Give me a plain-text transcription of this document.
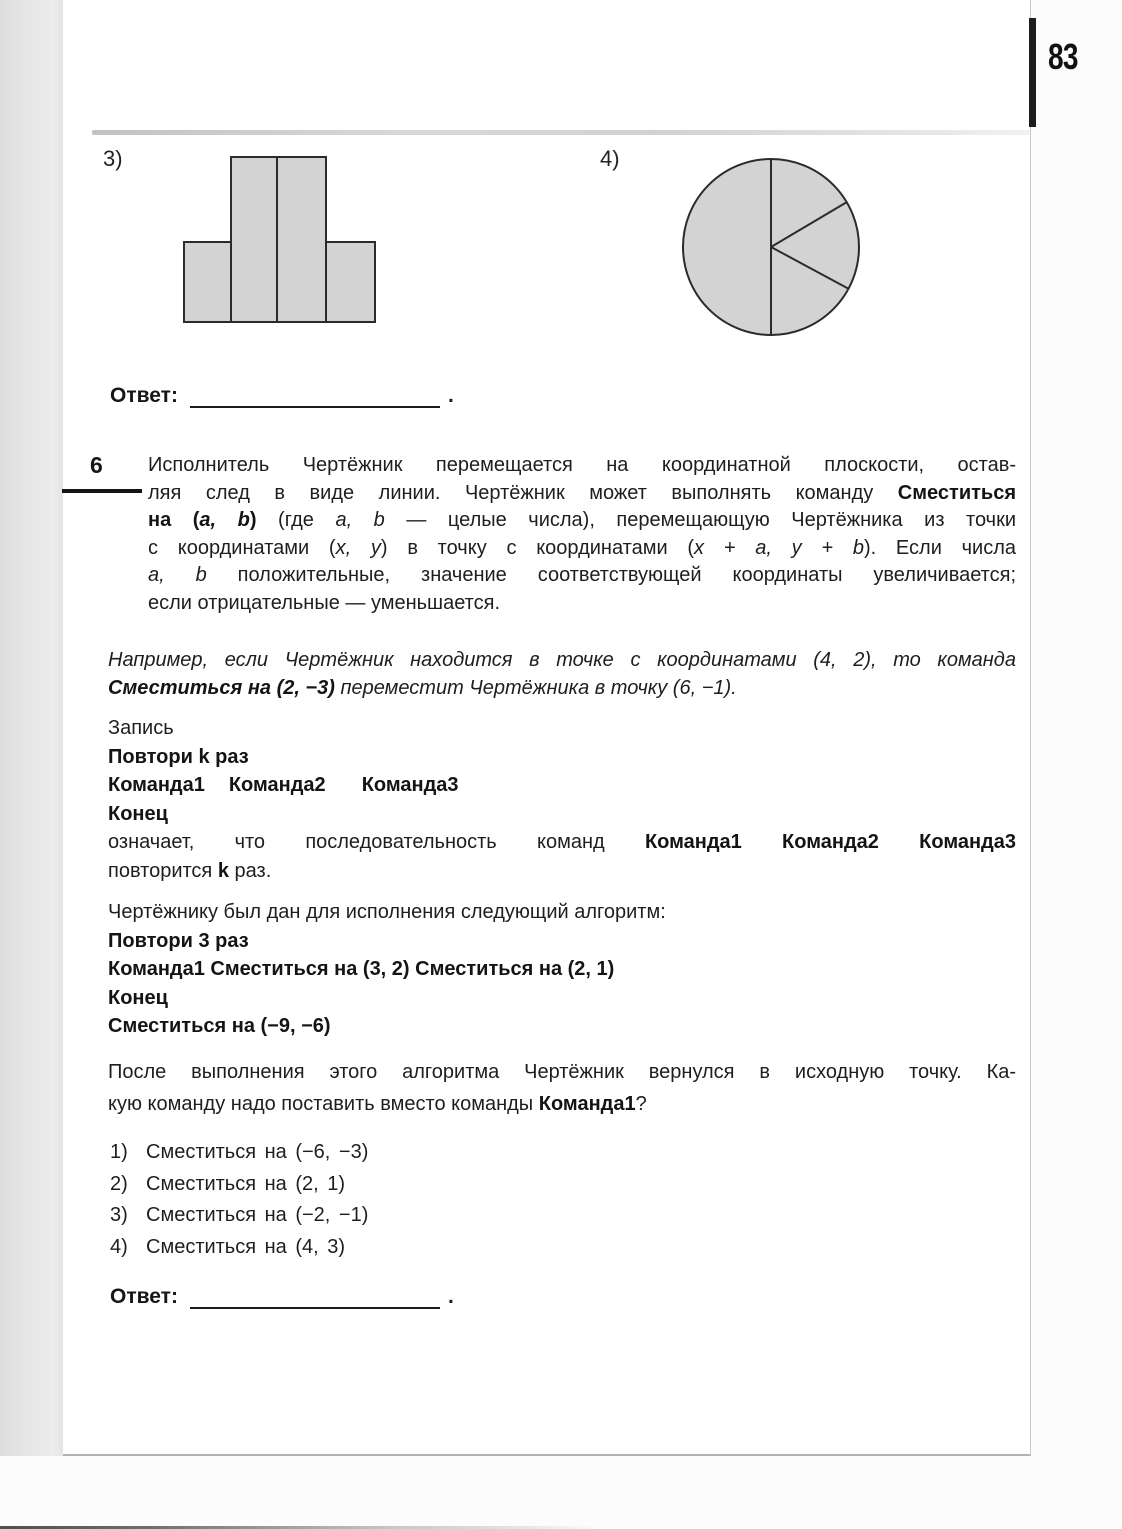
83
3)	4)
Ответ:	.
6 Исполнитель Чертёжник перемещается на координатной плоскости, остав-
ляя след в виде линии. Чертёжник может выполнять команду Сместиться
на (a, b) (где a, b — целые числа), перемещающую Чертёжника из точки
с координатами (x, y) в точку с координатами (x + a, y + b). Если числа
a, b положительные, значение соответствующей координаты увеличивается;
если отрицательные — уменьшается.
Например, если Чертёжник находится в точке с координатами (4, 2), то команда
Сместиться на (2, −3) переместит Чертёжника в точку (6, −1).
Запись
Повтори k раз
Команда1 Команда2 Команда3
Конец
означает, что последовательность команд Команда1 Команда2 Команда3
повторится k раз.
Чертёжнику был дан для исполнения следующий алгоритм:
Повтори 3 раз
Команда1 Сместиться на (3, 2) Сместиться на (2, 1)
Конец
Сместиться на (−9, −6)
После выполнения этого алгоритма Чертёжник вернулся в исходную точку. Ка-
кую команду надо поставить вместо команды Команда1?
1) Сместиться на (−6, −3)
2) Сместиться на (2, 1)
3) Сместиться на (−2, −1)
4) Сместиться на (4, 3)
Ответ:	.
